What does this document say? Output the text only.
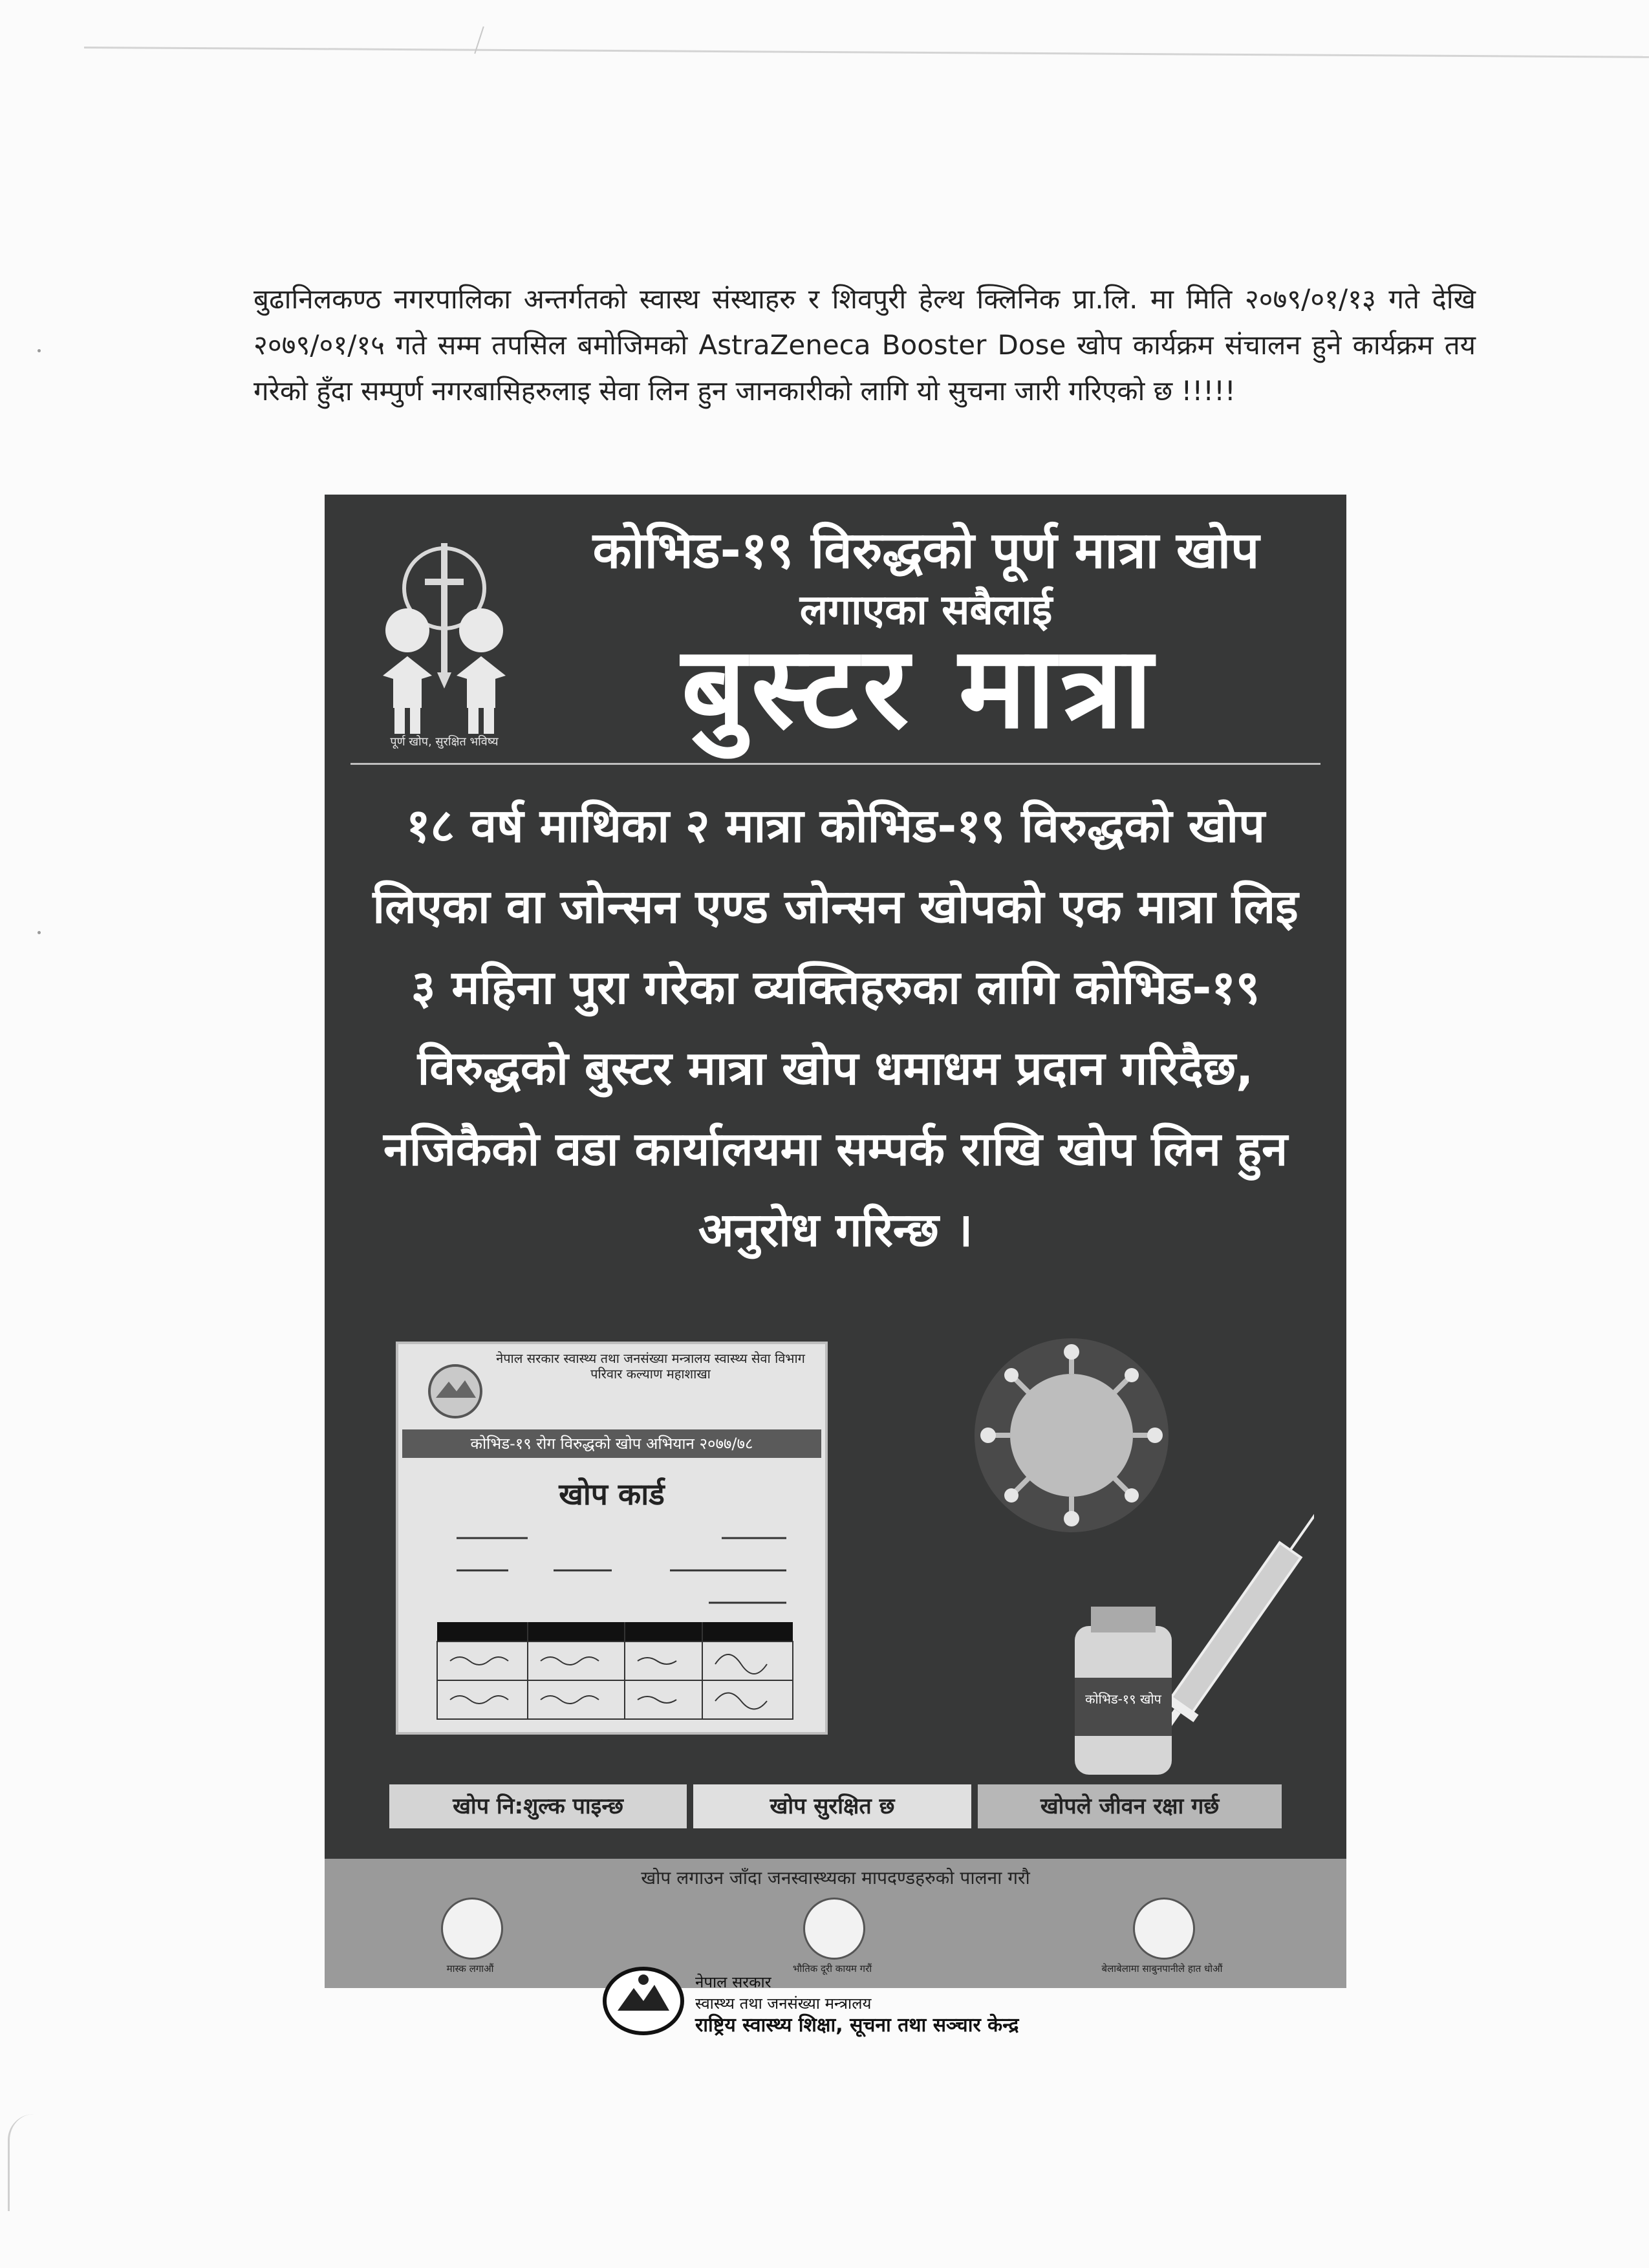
बुढानिलकण्ठ नगरपालिका अन्तर्गतको स्वास्थ संस्थाहरु र शिवपुरी हेल्थ क्लिनिक प्रा.लि. मा मिति २०७९/०१/१३ गते देखि २०७९/०१/१५ गते सम्म तपसिल बमोजिमको AstraZeneca Booster Dose खोप कार्यक्रम संचालन हुने कार्यक्रम तय गरेको हुँदा सम्पुर्ण नगरबासिहरुलाइ सेवा लिन हुन जानकारीको लागि यो सुचना जारी गरिएको छ !!!!!

पूर्ण खोप, सुरक्षित भविष्य
कोभिड-१९ विरुद्धको पूर्ण मात्रा खोप
लगाएका सबैलाई
बुस्टर मात्रा
१८ वर्ष माथिका २ मात्रा कोभिड-१९ विरुद्धको खोप लिएका वा जोन्सन एण्ड जोन्सन खोपको एक मात्रा लिइ ३ महिना पुरा गरेका व्यक्तिहरुका लागि कोभिड-१९ विरुद्धको बुस्टर मात्रा खोप धमाधम प्रदान गरिदैछ, नजिकैको वडा कार्यालयमा सम्पर्क राखि खोप लिन हुन अनुरोध गरिन्छ ।
नेपाल सरकार स्वास्थ्य तथा जनसंख्या मन्त्रालय स्वास्थ्य सेवा विभाग परिवार कल्याण महाशाखा
कोभिड-१९ रोग विरुद्धको खोप अभियान २०७७/७८
खोप कार्ड
कोभिड-१९ खोप
खोप नि:शुल्क पाइन्छ	खोप सुरक्षित छ	खोपले जीवन रक्षा गर्छ
खोप लगाउन जाँदा जनस्वास्थ्यका मापदण्डहरुको पालना गरौ
मास्क लगाऔं	भौतिक दूरी कायम गरौं	बेलाबेलामा साबुनपानीले हात धोऔं
नेपाल सरकार
स्वास्थ्य तथा जनसंख्या मन्त्रालय
राष्ट्रिय स्वास्थ्य शिक्षा, सूचना तथा सञ्चार केन्द्र
